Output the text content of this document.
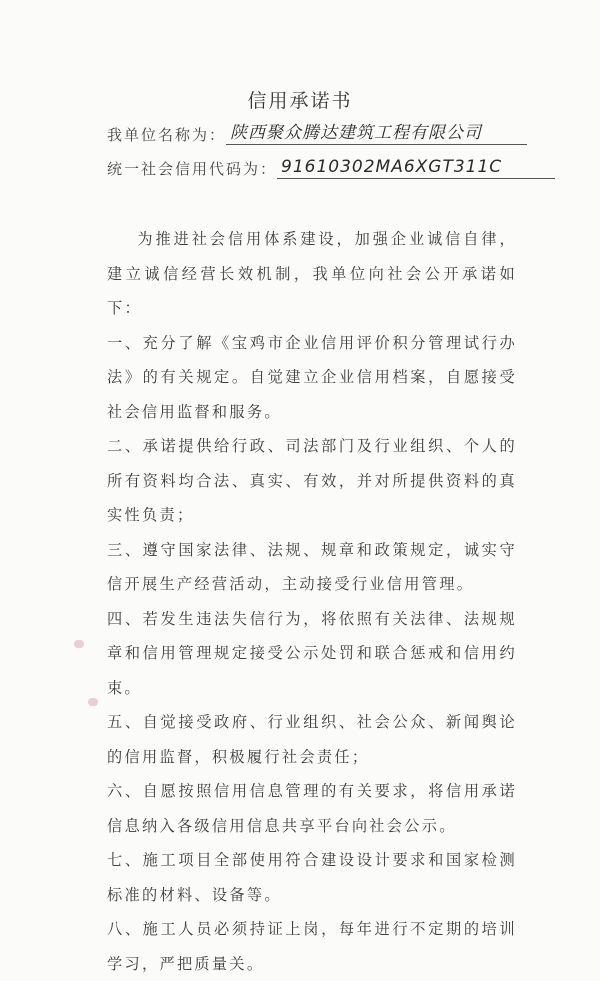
信用承诺书
我单位名称为： 陕西聚众腾达建筑工程有限公司
统一社会信用代码为： 91610302MA6XGT311C

为推进社会信用体系建设，加强企业诚信自律，建立诚信经营长效机制，我单位向社会公开承诺如下：

一、充分了解《宝鸡市企业信用评价积分管理试行办法》的有关规定。自觉建立企业信用档案，自愿接受社会信用监督和服务。

二、承诺提供给行政、司法部门及行业组织、个人的所有资料均合法、真实、有效，并对所提供资料的真实性负责；

三、遵守国家法律、法规、规章和政策规定，诚实守信开展生产经营活动，主动接受行业信用管理。

四、若发生违法失信行为，将依照有关法律、法规规章和信用管理规定接受公示处罚和联合惩戒和信用约束。

五、自觉接受政府、行业组织、社会公众、新闻舆论的信用监督，积极履行社会责任；

六、自愿按照信用信息管理的有关要求，将信用承诺信息纳入各级信用信息共享平台向社会公示。

七、施工项目全部使用符合建设设计要求和国家检测标准的材料、设备等。

八、施工人员必须持证上岗，每年进行不定期的培训学习，严把质量关。
